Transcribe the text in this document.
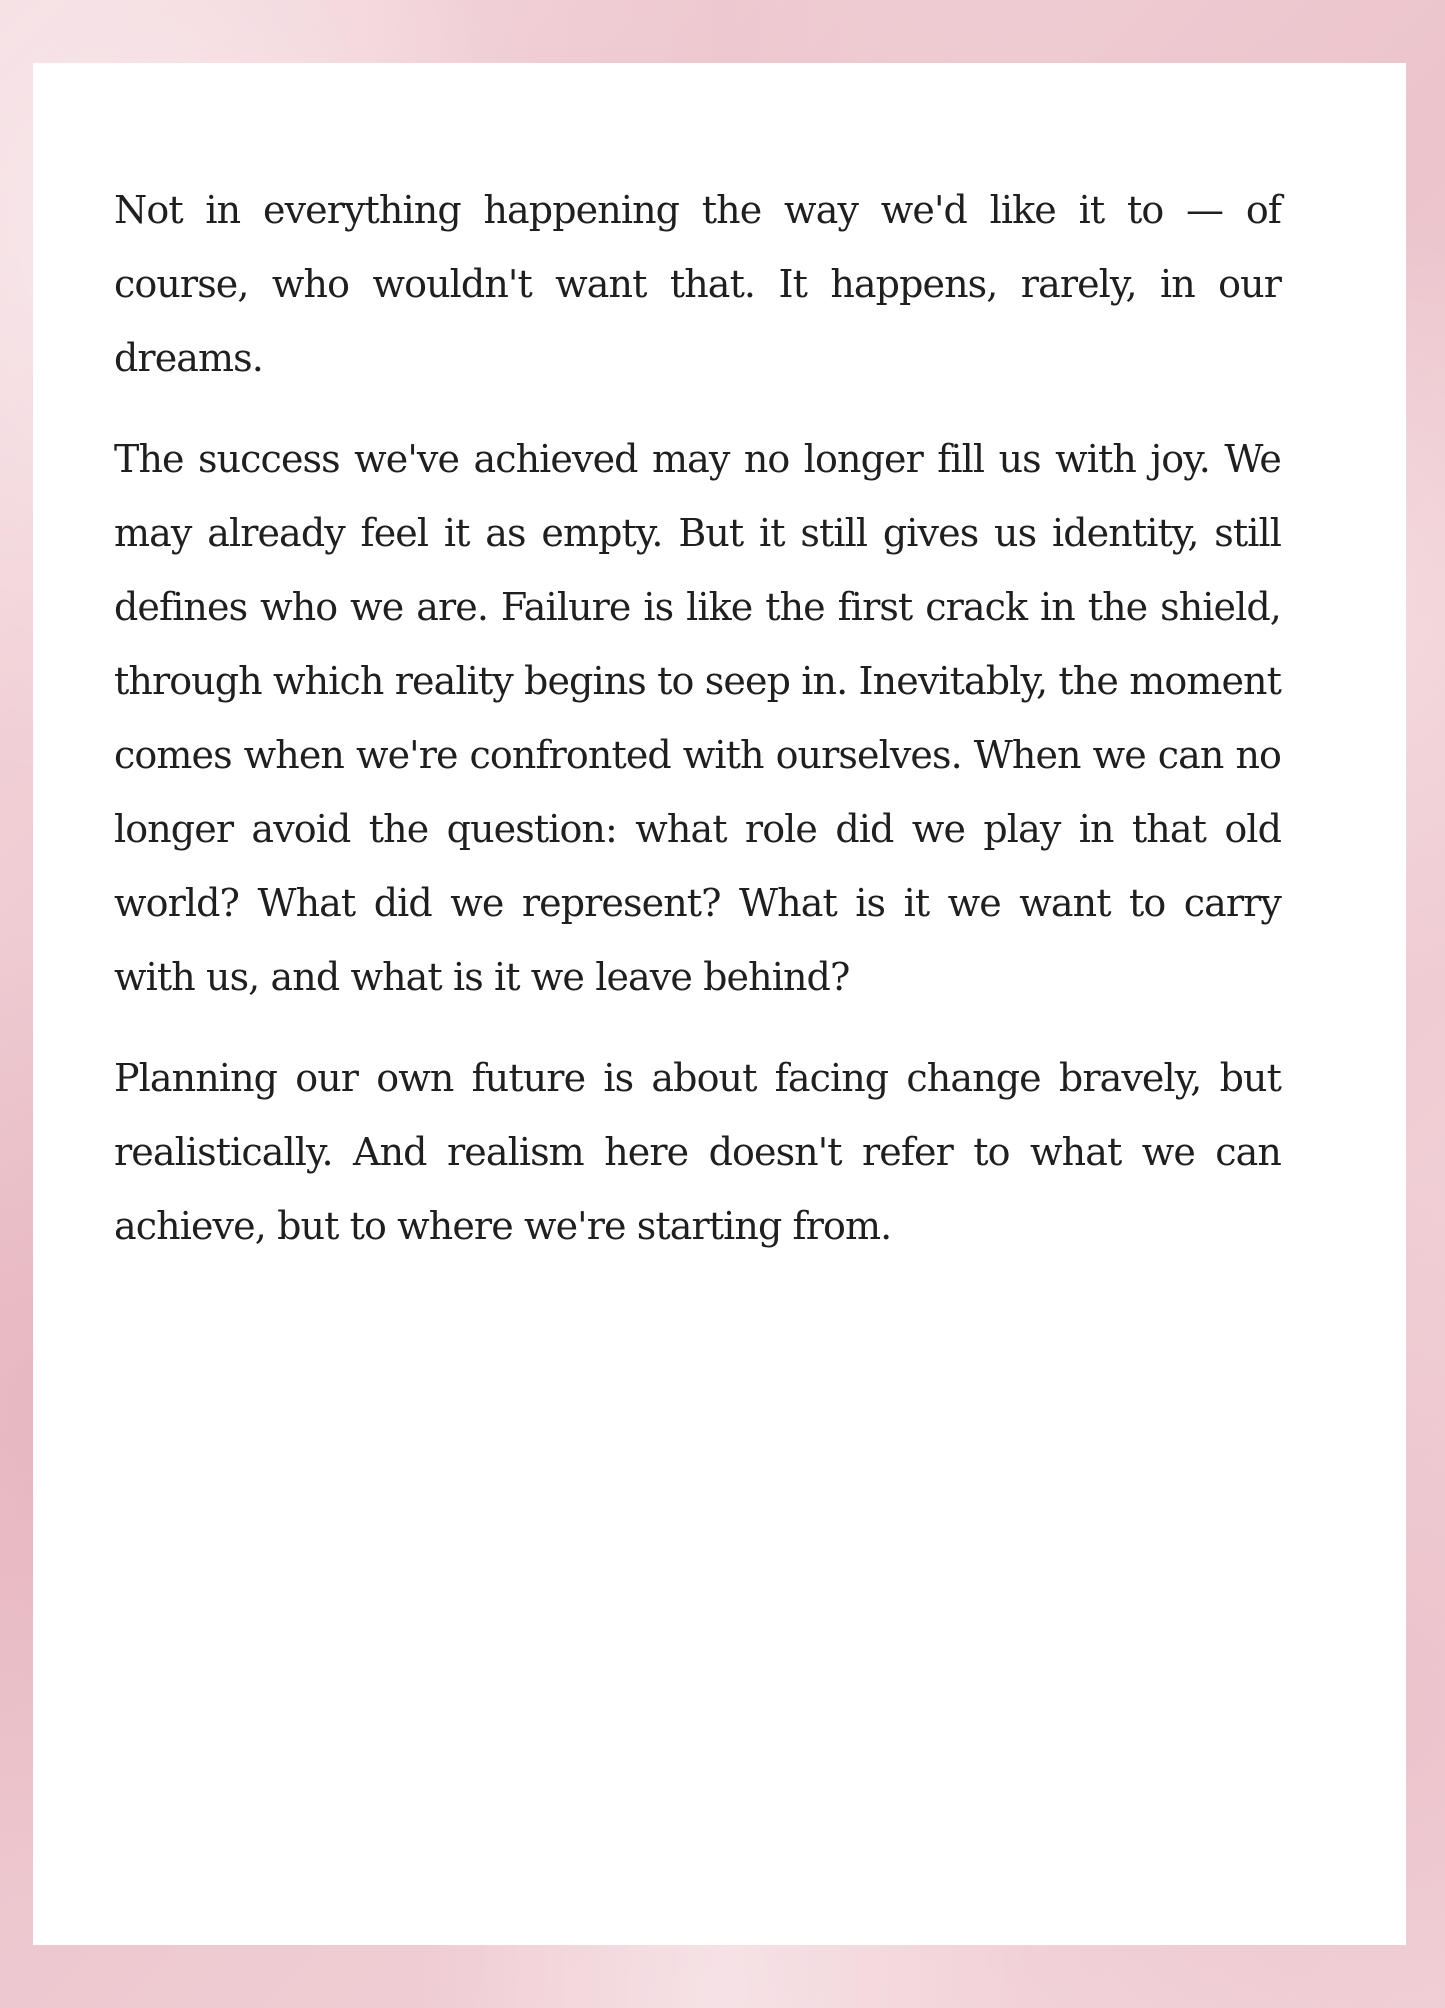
Not in everything happening the way we'd like it to — of course, who wouldn't want that. It happens, rarely, in our dreams.

The success we've achieved may no longer fill us with joy. We may already feel it as empty. But it still gives us identity, still defines who we are. Failure is like the first crack in the shield, through which reality begins to seep in. Inevitably, the moment comes when we're confronted with ourselves. When we can no longer avoid the question: what role did we play in that old world? What did we represent? What is it we want to carry with us, and what is it we leave behind?

Planning our own future is about facing change bravely, but realistically. And realism here doesn't refer to what we can achieve, but to where we're starting from.
